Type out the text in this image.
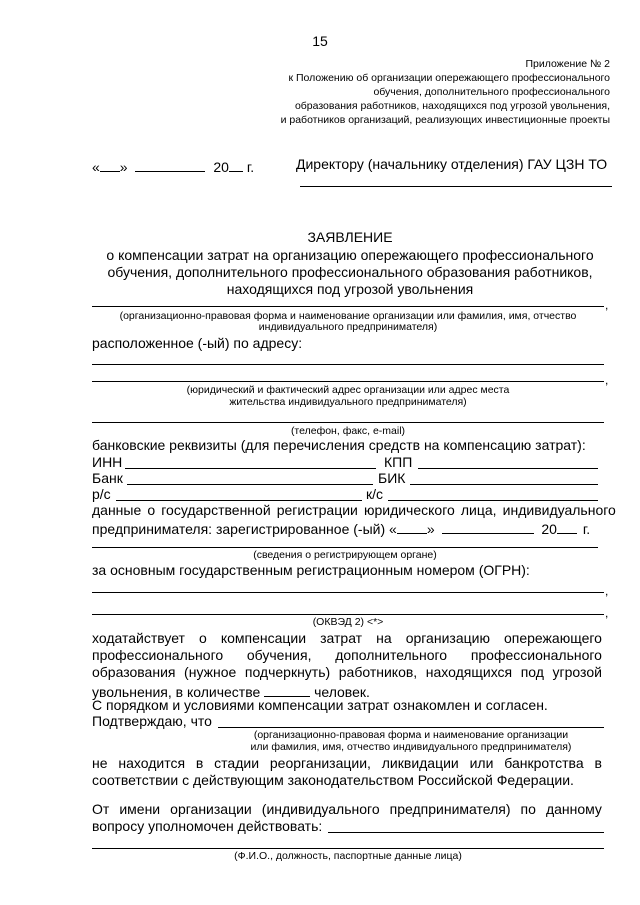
15
Приложение № 2
к Положению об организации опережающего профессионального
обучения, дополнительного профессионального
образования работников, находящихся под угрозой увольнения,
и работников организаций, реализующих инвестиционные проекты
« »	20 г.	Директору (начальнику отделения) ГАУ ЦЗН ТО
ЗАЯВЛЕНИЕ
о компенсации затрат на организацию опережающего профессионального
обучения, дополнительного профессионального образования работников,
находящихся под угрозой увольнения
,
(организационно-правовая форма и наименование организации или фамилия, имя, отчество
индивидуального предпринимателя)
расположенное (-ый) по адресу:
,
(юридический и фактический адрес организации или адрес места
жительства индивидуального предпринимателя)
(телефон, факс, e-mail)
банковские реквизиты (для перечисления средств на компенсацию затрат):
ИНН	КПП
Банк	БИК
р/с	к/с
данные о государственной регистрации юридического лица, индивидуального
предпринимателя: зарегистрированное (-ый) « »	20 г.
(сведения о регистрирующем органе)
за основным государственным регистрационным номером (ОГРН):
,
,
(ОКВЭД 2) <*>
ходатайствует о компенсации затрат на организацию опережающего
профессионального обучения, дополнительного профессионального
образования (нужное подчеркнуть) работников, находящихся под угрозой
увольнения, в количестве	человек.
С порядком и условиями компенсации затрат ознакомлен и согласен.
Подтверждаю, что
(организационно-правовая форма и наименование организации
или фамилия, имя, отчество индивидуального предпринимателя)
не находится в стадии реорганизации, ликвидации или банкротства в
соответствии с действующим законодательством Российской Федерации.
От имени организации (индивидуального предпринимателя) по данному
вопросу уполномочен действовать:
(Ф.И.О., должность, паспортные данные лица)
